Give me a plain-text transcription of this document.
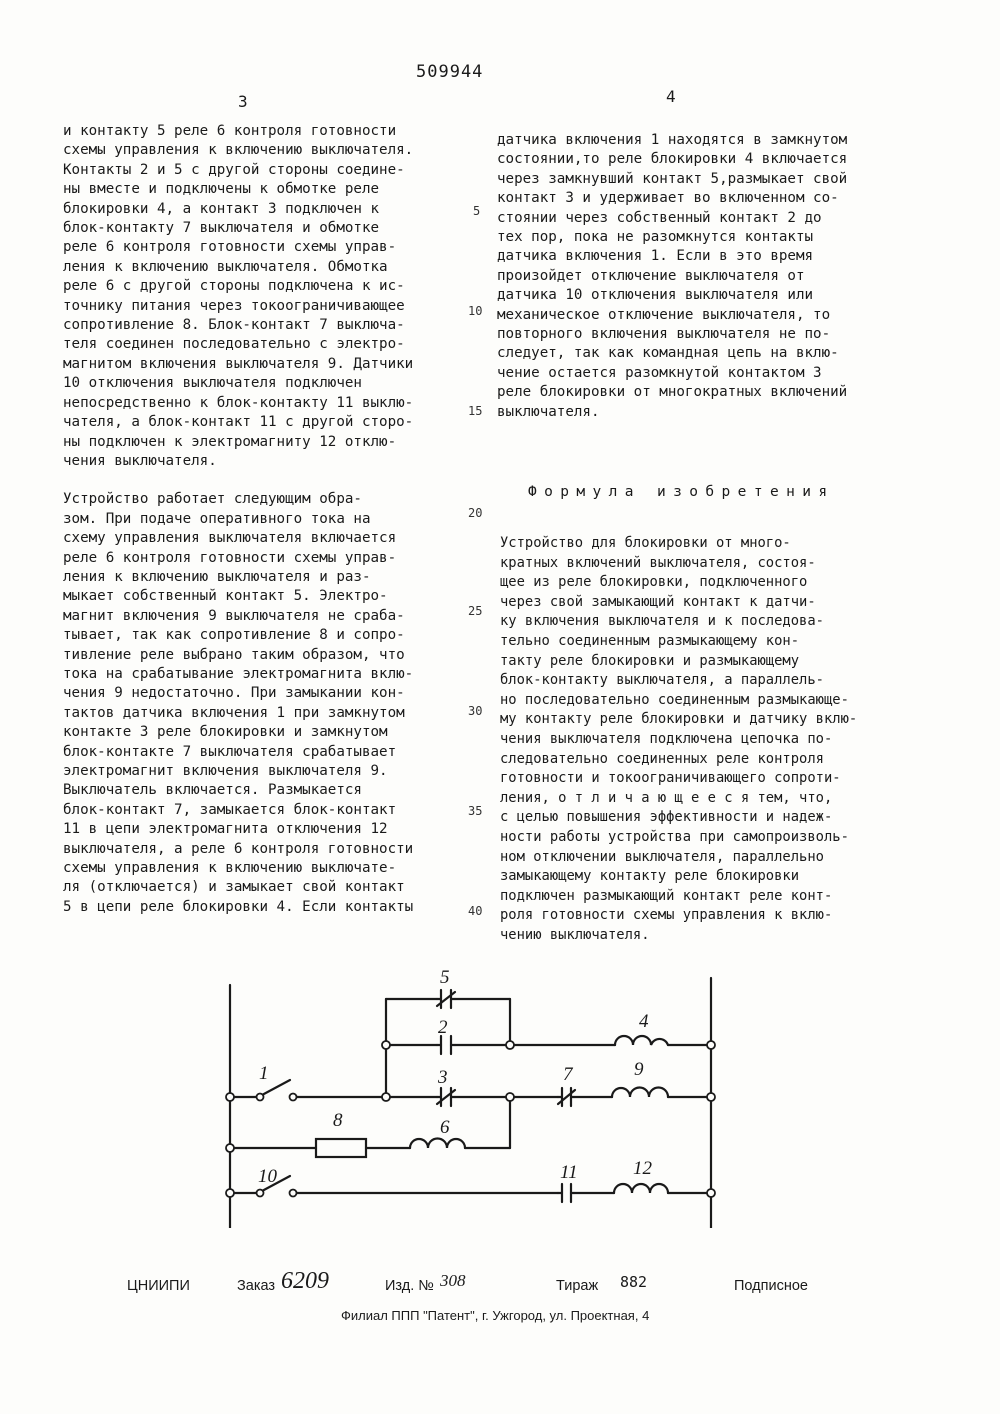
509944
3	4

и контакту 5 реле 6 контроля готовности
схемы управления к включению выключателя.
Контакты 2 и 5 с другой стороны соедине-
ны вместе и подключены к обмотке реле
блокировки 4, а контакт 3 подключен к
блок-контакту 7 выключателя и обмотке
реле 6 контроля готовности схемы управ-
ления к включению выключателя. Обмотка
реле 6 с другой стороны подключена к ис-
точнику питания через токоограничивающее
сопротивление 8. Блок-контакт 7 выключа-
теля соединен последовательно с электро-
магнитом включения выключателя 9. Датчики
10 отключения выключателя подключен
непосредственно к блок-контакту 11 выклю-
чателя, а блок-контакт 11 с другой сторо-
ны подключен к электромагниту 12 отклю-
чения выключателя.

Устройство работает следующим обра-
зом. При подаче оперативного тока на
схему управления выключателя включается
реле 6 контроля готовности схемы управ-
ления к включению выключателя и раз-
мыкает собственный контакт 5. Электро-
магнит включения 9 выключателя не сраба-
тывает, так как сопротивление 8 и сопро-
тивление реле выбрано таким образом, что
тока на срабатывание электромагнита вклю-
чения 9 недостаточно. При замыкании кон-
тактов датчика включения 1 при замкнутом
контакте 3 реле блокировки и замкнутом
блок-контакте 7 выключателя срабатывает
электромагнит включения выключателя 9.
Выключатель включается. Размыкается
блок-контакт 7, замыкается блок-контакт
11 в цепи электромагнита отключения 12
выключателя, а реле 6 контроля готовности
схемы управления к включению выключате-
ля (отключается) и замыкает свой контакт
5 в цепи реле блокировки 4. Если контакты

датчика включения 1 находятся в замкнутом
состоянии,то реле блокировки 4 включается
через замкнувший контакт 5,размыкает свой
контакт 3 и удерживает во включенном со-
стоянии через собственный контакт 2 до
тех пор, пока не разомкнутся контакты
датчика включения 1. Если в это время
произойдет отключение выключателя от
датчика 10 отключения выключателя или
механическое отключение выключателя, то
повторного включения выключателя не по-
следует, так как командная цепь на вклю-
чение остается разомкнутой контактом 3
реле блокировки от многократных включений
выключателя.

Формула изобретения

Устройство для блокировки от много-
кратных включений выключателя, состоя-
щее из реле блокировки, подключенного
через свой замыкающий контакт к датчи-
ку включения выключателя и к последова-
тельно соединенным размыкающему кон-
такту реле блокировки и размыкающему
блок-контакту выключателя, а параллель-
но последовательно соединенным размыкающе-
му контакту реле блокировки и датчику вклю-
чения выключателя подключена цепочка по-
следовательно соединенных реле контроля
готовности и токоограничивающего сопроти-
ления, о т л и ч а ю щ е е с я тем, что,
с целью повышения эффективности и надеж-
ности работы устройства при самопроизволь-
ном отключении выключателя, параллельно
замыкающему контакту реле блокировки
подключен размыкающий контакт реле конт-
роля готовности схемы управления к вклю-
чению выключателя.

5
10
15
20
25
30
35
40
1
2
3
4
5
6
7
8
9
10	11	12
ЦНИИПИ	Заказ 6209	Изд. № 308	Тираж 882	Подписное
Филиал ППП "Патент", г. Ужгород, ул. Проектная, 4
